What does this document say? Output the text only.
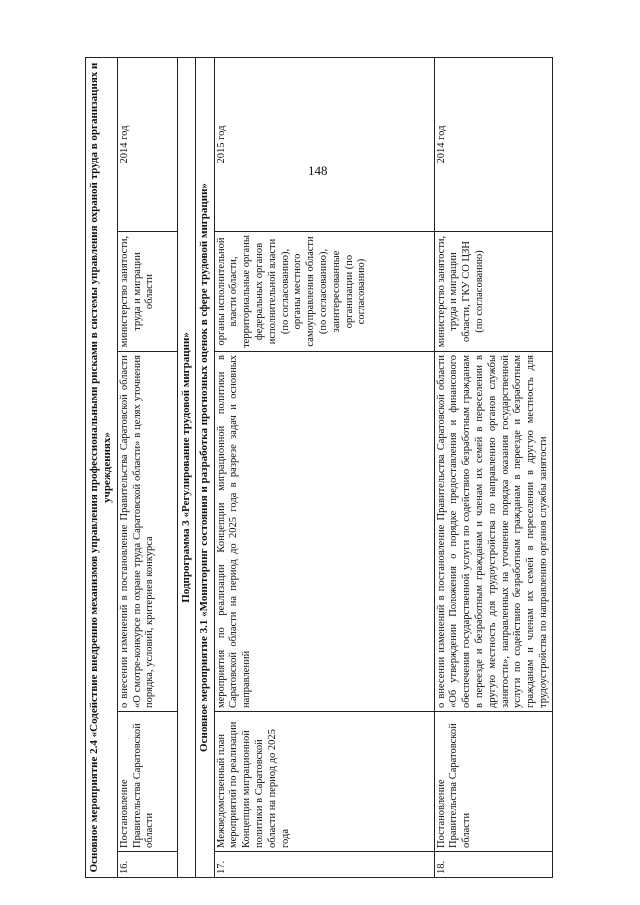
148
Основное мероприятие 2.4 «Содействие внедрению механизмов управления профессиональными рисками в системы управления охраной труда в организациях и учреждениях»				
16.	Постановление Правительства Саратовской области	о внесении изменений в постановление Правительства Саратовской области «О смотре-конкурсе по охране труда Саратовской области» в целях уточнения порядка, условий, критериев конкурса	министерство занятости, труда и миграции области	2014 год
Подпрограмма 3 «Регулирование трудовой миграции»				
Основное мероприятие 3.1 «Мониторинг состояния и разработка прогнозных оценок в сфере трудовой миграции»				
17.	Межведомственный план мероприятий по реализации Концепции миграционной политики в Саратовской области на период до 2025 года	мероприятия по реализации Концепции миграционной политики в Саратовской области на период до 2025 года в разрезе задач и основных направлений	органы исполнительной власти области, территориальные органы федеральных органов исполнительной власти (по согласованию), органы местного самоуправления области (по согласованию), заинтересованные организации (по согласованию)	2015 год
18.	Постановление Правительства Саратовской области	о внесении изменений в постановление Правительства Саратовской области «Об утверждении Положения о порядке предоставления и финансового обеспечения государственной услуги по содействию безработным гражданам в переезде и безработным гражданам и членам их семей в переселении в другую местность для трудоустройства по направлению органов службы занятости», направленных на уточнение порядка оказания государственной услуги по содействию безработным гражданам в переезде и безработным гражданам и членам их семей в переселении в другую местность для трудоустройства по направлению органов службы занятости	министерство занятости, труда и миграции области, ГКУ СО ЦЗН (по согласованию)	2014 год
